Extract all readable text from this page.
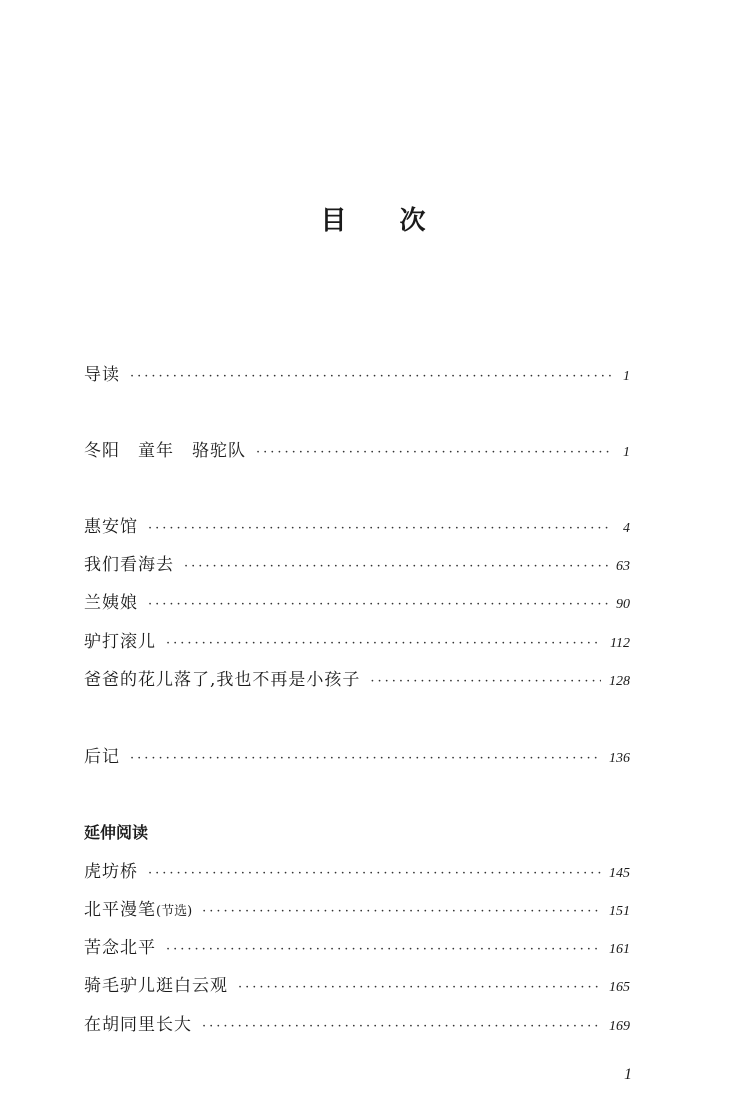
目 次
导读 ·····	1
冬阳　童年　骆驼队 ·····	1
惠安馆 ·····	4
我们看海去 ·····	63
兰姨娘 ·····	90
驴打滚儿 ·····	112
爸爸的花儿落了,我也不再是小孩子 ·····	128
后记 ·····	136
延伸阅读
虎坊桥 ·····	145
北平漫笔(节选) ·····	151
苦念北平 ·····	161
骑毛驴儿逛白云观 ·····	165
在胡同里长大 ·····	169
1
